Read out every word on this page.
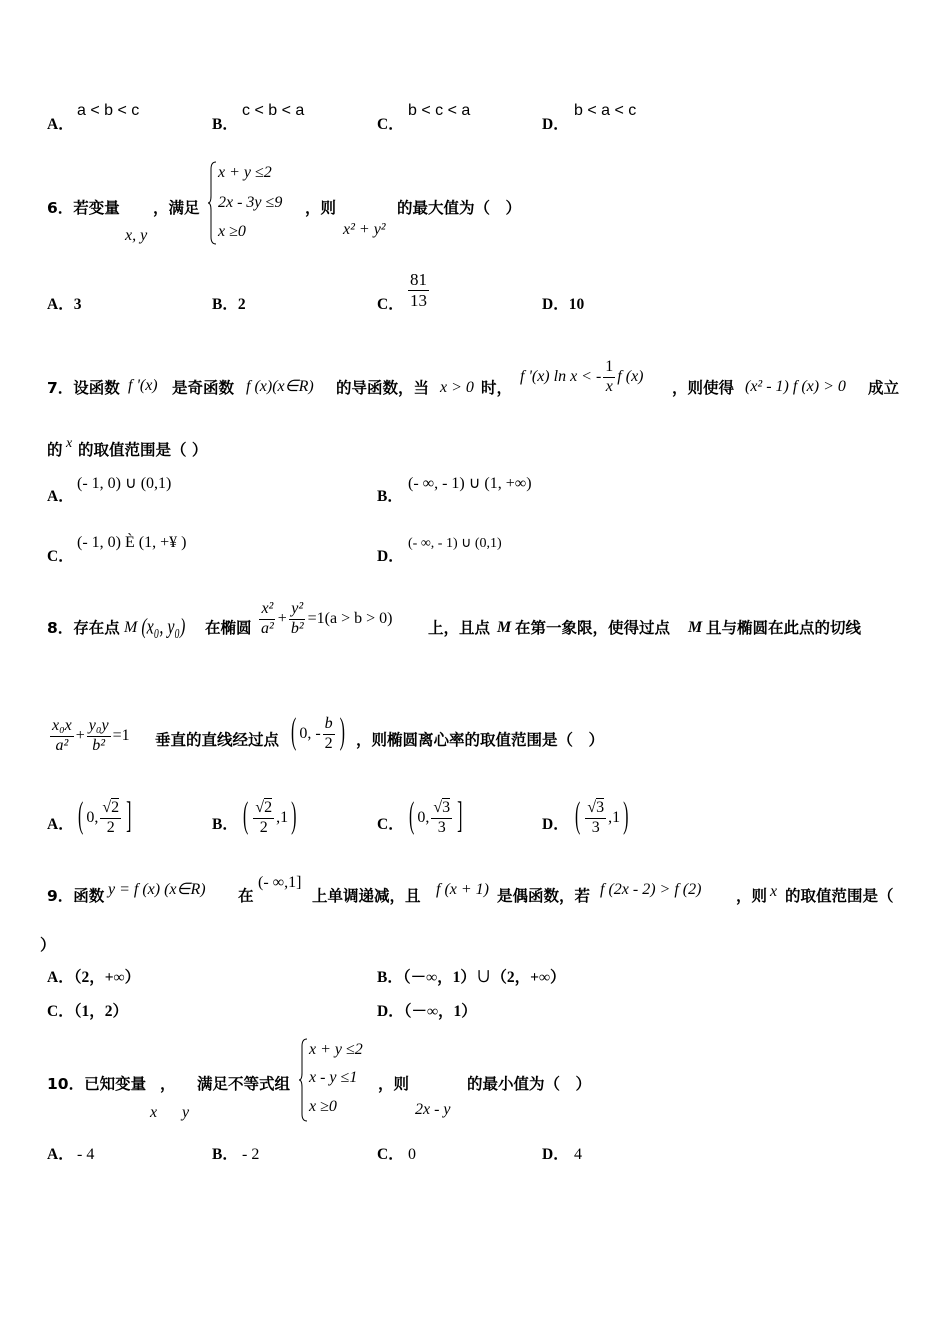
A．
a < b < c
B．
c < b < a
C．
b < c < a
D．
b < a < c
6．若变量
x, y
，满足
x + y ≤2
2x - 3y ≤9
x ≥0
，则
x² + y²
的最大值为（　）
A．3	B．2	C． $\frac{81}{13}$	D．10
7．设函数 f '(x) 是奇函数 f (x)(x∈R) 的导函数，当 x > 0 时，
f '(x) ln x < - $\frac{1}{x}$ f (x)
，则使得 (x² - 1) f (x) > 0 成立
的 x 的取值范围是（ ）
A．
(- 1, 0) ∪ (0,1)
B．
(- ∞, - 1) ∪ (1, +∞)
C．
(- 1, 0) È (1, +¥ )
D．
(- ∞, - 1) ∪ (0,1)
8．存在点 M (x₀, y₀) 在椭圆 $\frac{\text{x²}}{\text{a²}} + \frac{\text{y²}}{\text{b²}} =1(a > b > 0)$
上，且点 M 在第一象限，使得过点 M 且与椭圆在此点的切线
$\frac{\text{x₀x}}{\text{a²}} + \frac{\text{y₀y}}{\text{b²}} =1$ 垂直的直线经过点 ( 0, - $\frac{b}{2}$ ) ，则椭圆离心率的取值范围是（　）
A． ( 0, $\frac{√2}{2}$ ]	B． ( $\frac{√2}{2} ,1$ )	C． ( 0, $\frac{√3}{3}$ ]	D． ( $\frac{√3}{3} ,1$ )
9．函数 y = f (x) (x∈R) 在
(- ∞,1]
上单调递减，且 f (x + 1) 是偶函数，若 f (2x - 2) > f (2) ，则 x 的取值范围是（
）
A．（2，+∞）	B．（－∞，1）∪（2，+∞）
C．（1，2）	D．（－∞，1）
10．已知变量 ，
x y
满足不等式组
x + y ≤2
x - y ≤1
x ≥0
，则
2x - y
的最小值为（　）
A． - 4	B． - 2	C． 0	D． 4
